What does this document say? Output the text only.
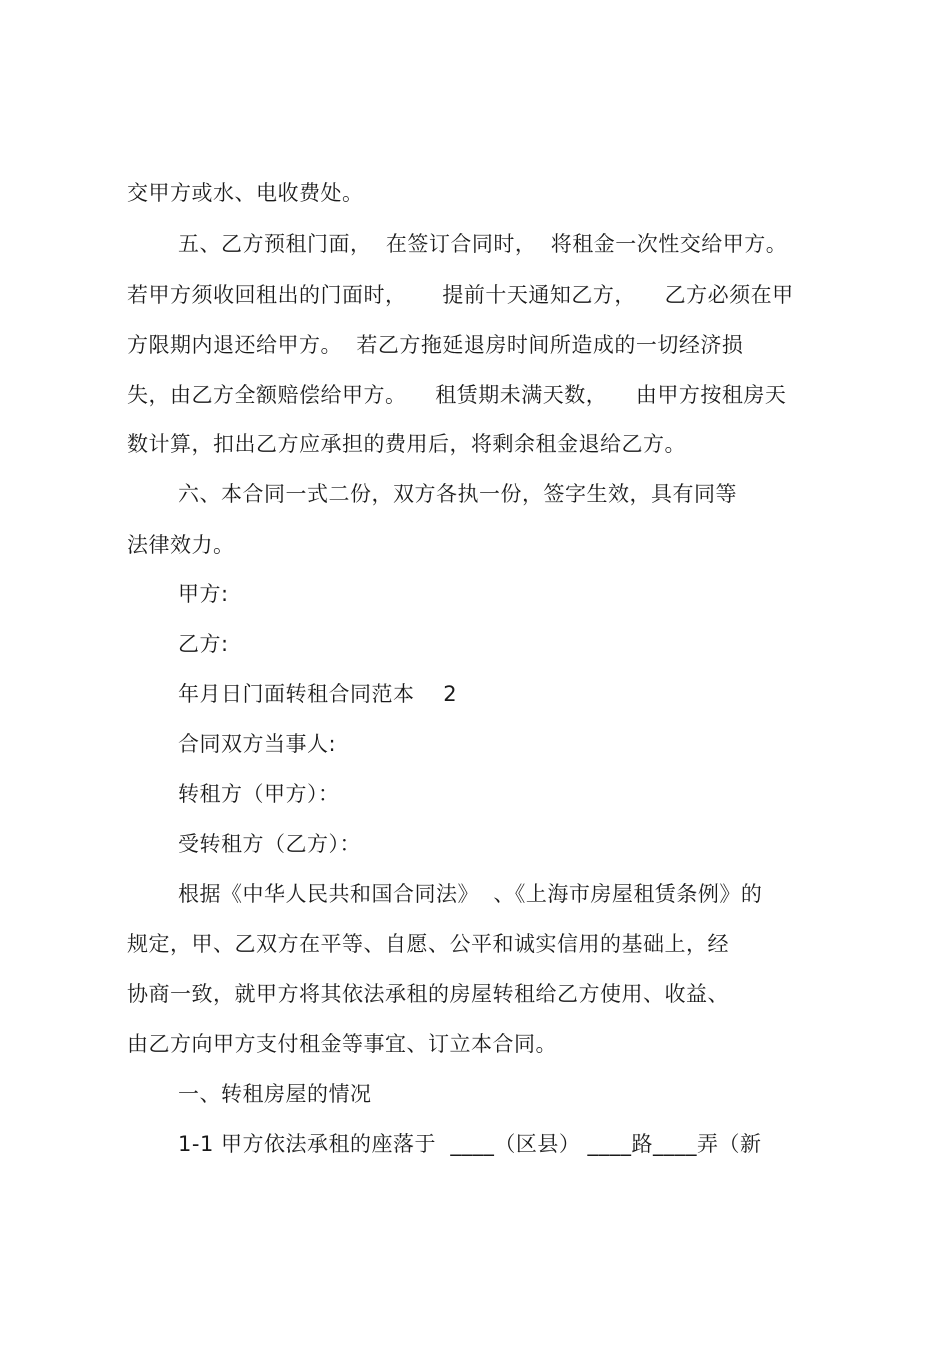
交甲方或水、电收费处。
五、乙方预租门面，  在签订合同时，  将租金一次性交给甲方。
若甲方须收回租出的门面时，     提前十天通知乙方，    乙方必须在甲
方限期内退还给甲方。  若乙方拖延退房时间所造成的一切经济损
失，由乙方全额赔偿给甲方。    租赁期未满天数，    由甲方按租房天
数计算，扣出乙方应承担的费用后，将剩余租金退给乙方。
六、本合同一式二份，双方各执一份，签字生效，具有同等
法律效力。
甲方:
乙方:
年月日门面转租合同范本    2
合同双方当事人:
转租方（甲方）：
受转租方（乙方）：
根据《中华人民共和国合同法》  、《上海市房屋租赁条例》的
规定，甲、乙双方在平等、自愿、公平和诚实信用的基础上，经
协商一致，就甲方将其依法承租的房屋转租给乙方使用、收益、
由乙方向甲方支付租金等事宜、订立本合同。
一、转租房屋的情况
1-1 甲方依法承租的座落于  ____（区县） ____路____弄（新
